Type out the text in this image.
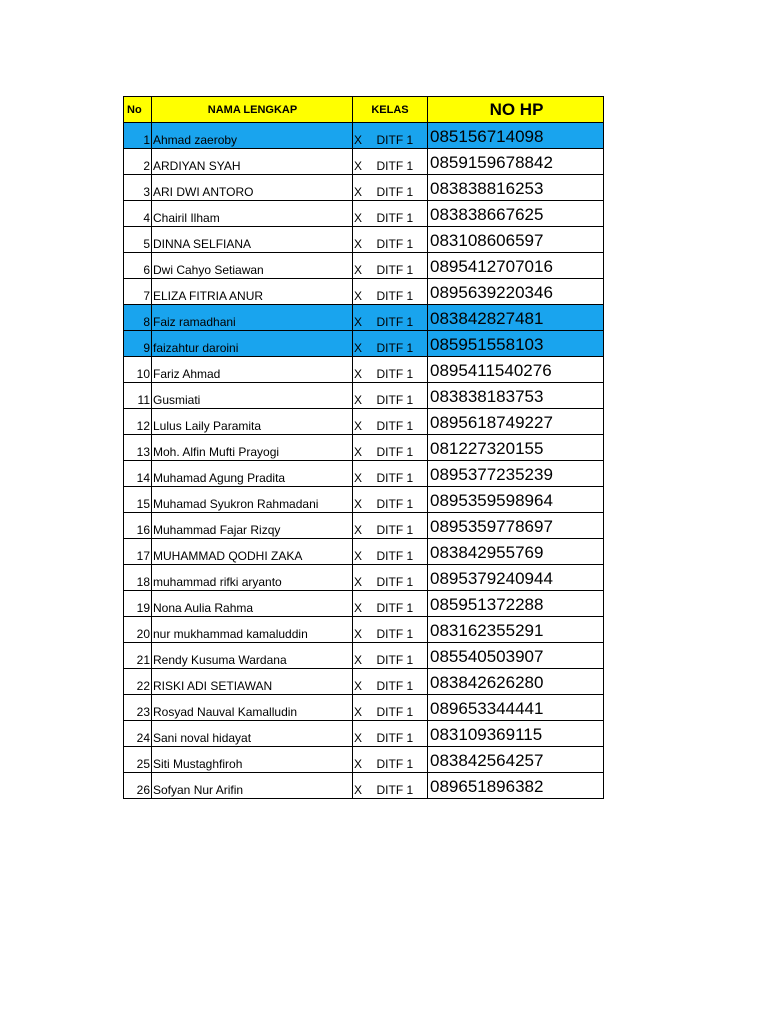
No	NAMA LENGKAP	KELAS		NO HP
1	Ahmad zaeroby	X	DITF 1	085156714098
2	ARDIYAN SYAH	X	DITF 1	0859159678842
3	ARI DWI ANTORO	X	DITF 1	083838816253
4	Chairil Ilham	X	DITF 1	083838667625
5	DINNA SELFIANA	X	DITF 1	083108606597
6	Dwi Cahyo Setiawan	X	DITF 1	0895412707016
7	ELIZA FITRIA ANUR	X	DITF 1	0895639220346
8	Faiz ramadhani	X	DITF 1	083842827481
9	faizahtur daroini	X	DITF 1	085951558103
10	Fariz Ahmad	X	DITF 1	0895411540276
11	Gusmiati	X	DITF 1	083838183753
12	Lulus Laily Paramita	X	DITF 1	0895618749227
13	Moh. Alfin Mufti Prayogi	X	DITF 1	081227320155
14	Muhamad Agung Pradita	X	DITF 1	0895377235239
15	Muhamad Syukron Rahmadani	X	DITF 1	0895359598964
16	Muhammad Fajar Rizqy	X	DITF 1	0895359778697
17	MUHAMMAD QODHI ZAKA	X	DITF 1	083842955769
18	muhammad rifki aryanto	X	DITF 1	0895379240944
19	Nona Aulia Rahma	X	DITF 1	085951372288
20	nur mukhammad kamaluddin	X	DITF 1	083162355291
21	Rendy Kusuma Wardana	X	DITF 1	085540503907
22	RISKI ADI SETIAWAN	X	DITF 1	083842626280
23	Rosyad Nauval Kamalludin	X	DITF 1	089653344441
24	Sani noval hidayat	X	DITF 1	083109369115
25	Siti Mustaghfiroh	X	DITF 1	083842564257
26	Sofyan Nur Arifin	X	DITF 1	089651896382
